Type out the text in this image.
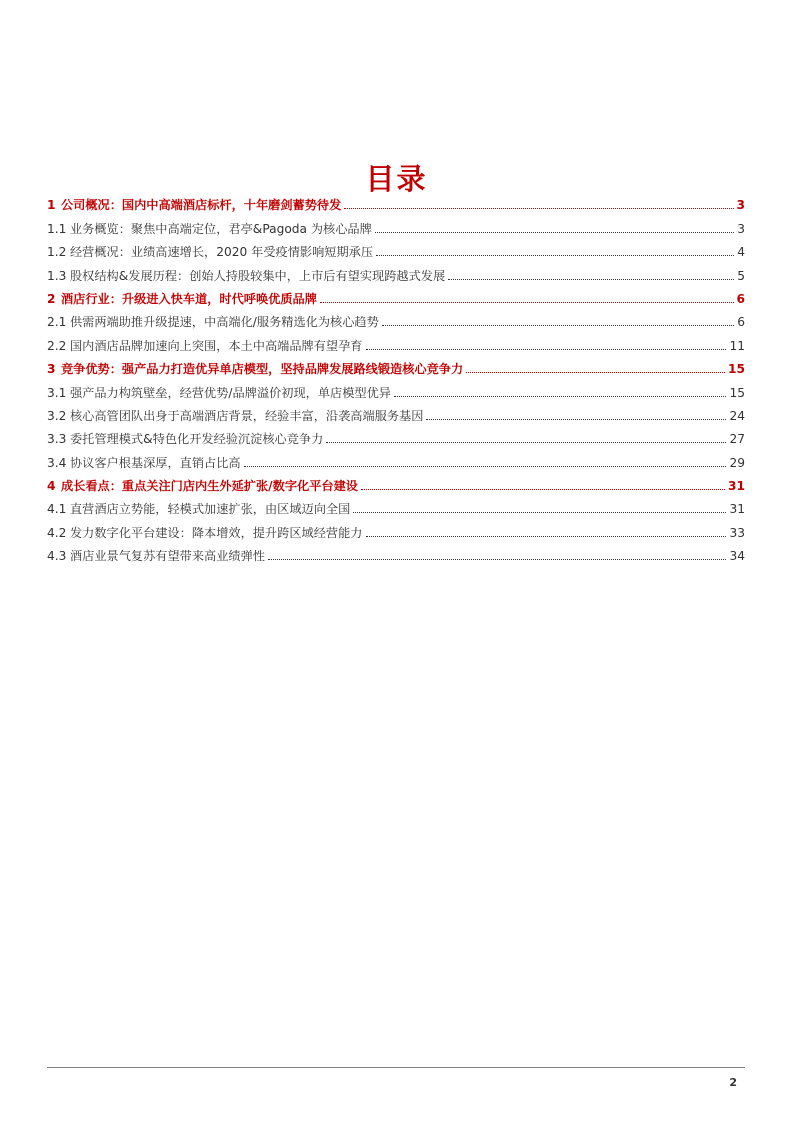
目录
1 公司概况：国内中高端酒店标杆，十年磨剑蓄势待发	3
1.1 业务概览：聚焦中高端定位，君亭&Pagoda 为核心品牌	3
1.2 经营概况：业绩高速增长，2020 年受疫情影响短期承压	4
1.3 股权结构&发展历程：创始人持股较集中，上市后有望实现跨越式发展	5
2 酒店行业：升级进入快车道，时代呼唤优质品牌	6
2.1 供需两端助推升级提速，中高端化/服务精选化为核心趋势	6
2.2 国内酒店品牌加速向上突围，本土中高端品牌有望孕育	11
3 竞争优势：强产品力打造优异单店模型，坚持品牌发展路线锻造核心竞争力	15
3.1 强产品力构筑壁垒，经营优势/品牌溢价初现，单店模型优异	15
3.2 核心高管团队出身于高端酒店背景，经验丰富，沿袭高端服务基因	24
3.3 委托管理模式&特色化开发经验沉淀核心竞争力	27
3.4 协议客户根基深厚，直销占比高	29
4 成长看点：重点关注门店内生外延扩张/数字化平台建设	31
4.1 直营酒店立势能，轻模式加速扩张，由区域迈向全国	31
4.2 发力数字化平台建设：降本增效，提升跨区域经营能力	33
4.3 酒店业景气复苏有望带来高业绩弹性	34
2
